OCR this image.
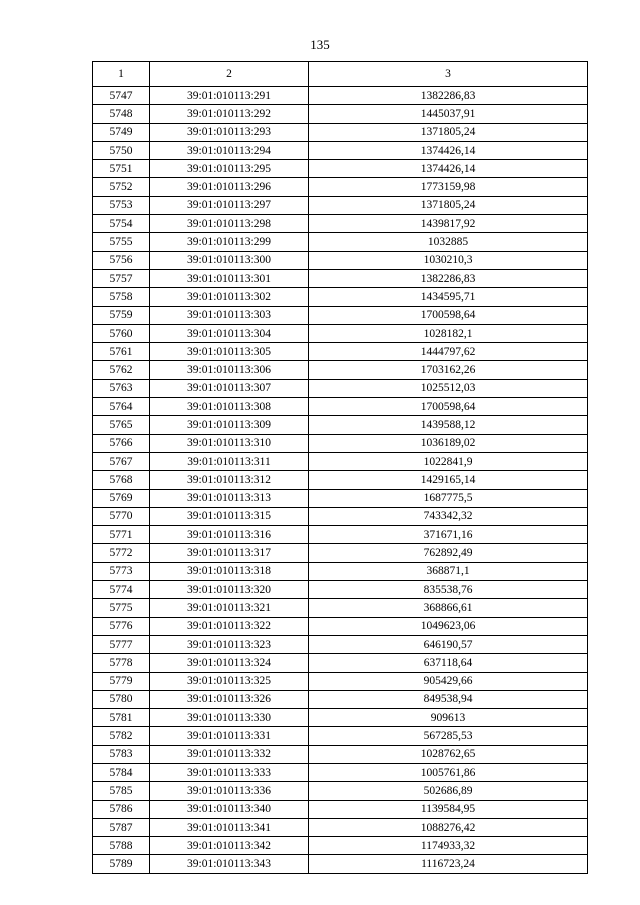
135
1	2	3
5747	39:01:010113:291	1382286,83
5748	39:01:010113:292	1445037,91
5749	39:01:010113:293	1371805,24
5750	39:01:010113:294	1374426,14
5751	39:01:010113:295	1374426,14
5752	39:01:010113:296	1773159,98
5753	39:01:010113:297	1371805,24
5754	39:01:010113:298	1439817,92
5755	39:01:010113:299	1032885
5756	39:01:010113:300	1030210,3
5757	39:01:010113:301	1382286,83
5758	39:01:010113:302	1434595,71
5759	39:01:010113:303	1700598,64
5760	39:01:010113:304	1028182,1
5761	39:01:010113:305	1444797,62
5762	39:01:010113:306	1703162,26
5763	39:01:010113:307	1025512,03
5764	39:01:010113:308	1700598,64
5765	39:01:010113:309	1439588,12
5766	39:01:010113:310	1036189,02
5767	39:01:010113:311	1022841,9
5768	39:01:010113:312	1429165,14
5769	39:01:010113:313	1687775,5
5770	39:01:010113:315	743342,32
5771	39:01:010113:316	371671,16
5772	39:01:010113:317	762892,49
5773	39:01:010113:318	368871,1
5774	39:01:010113:320	835538,76
5775	39:01:010113:321	368866,61
5776	39:01:010113:322	1049623,06
5777	39:01:010113:323	646190,57
5778	39:01:010113:324	637118,64
5779	39:01:010113:325	905429,66
5780	39:01:010113:326	849538,94
5781	39:01:010113:330	909613
5782	39:01:010113:331	567285,53
5783	39:01:010113:332	1028762,65
5784	39:01:010113:333	1005761,86
5785	39:01:010113:336	502686,89
5786	39:01:010113:340	1139584,95
5787	39:01:010113:341	1088276,42
5788	39:01:010113:342	1174933,32
5789	39:01:010113:343	1116723,24
